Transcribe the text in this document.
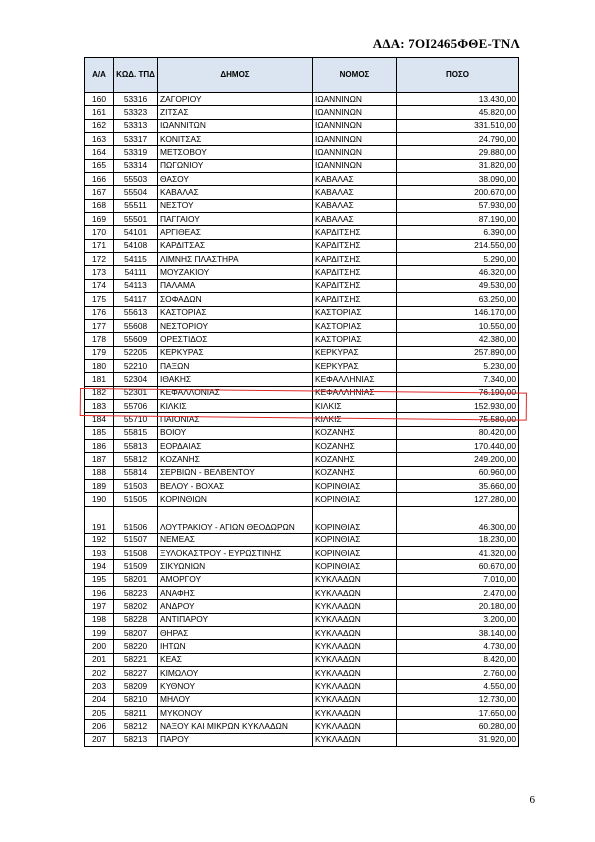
ΑΔΑ: 7ΟΙ2465ΦΘΕ-ΤΝΛ
Α/Α	ΚΩΔ. ΤΠΔ	ΔΗΜΟΣ	ΝΟΜΟΣ	ΠΟΣΟ
160	53316	ΖΑΓΟΡΙΟΥ	ΙΩΑΝΝΙΝΩΝ	13.430,00
161	53323	ΖΙΤΣΑΣ	ΙΩΑΝΝΙΝΩΝ	45.820,00
162	53313	ΙΩΑΝΝΙΤΩΝ	ΙΩΑΝΝΙΝΩΝ	331.510,00
163	53317	ΚΟΝΙΤΣΑΣ	ΙΩΑΝΝΙΝΩΝ	24.790,00
164	53319	ΜΕΤΣΟΒΟΥ	ΙΩΑΝΝΙΝΩΝ	29.880,00
165	53314	ΠΩΓΩΝΙΟΥ	ΙΩΑΝΝΙΝΩΝ	31.820,00
166	55503	ΘΑΣΟΥ	ΚΑΒΑΛΑΣ	38.090,00
167	55504	ΚΑΒΑΛΑΣ	ΚΑΒΑΛΑΣ	200.670,00
168	55511	ΝΕΣΤΟΥ	ΚΑΒΑΛΑΣ	57.930,00
169	55501	ΠΑΓΓΑΙΟΥ	ΚΑΒΑΛΑΣ	87.190,00
170	54101	ΑΡΓΙΘΕΑΣ	ΚΑΡΔΙΤΣΗΣ	6.390,00
171	54108	ΚΑΡΔΙΤΣΑΣ	ΚΑΡΔΙΤΣΗΣ	214.550,00
172	54115	ΛΙΜΝΗΣ ΠΛΑΣΤΗΡΑ	ΚΑΡΔΙΤΣΗΣ	5.290,00
173	54111	ΜΟΥΖΑΚΙΟΥ	ΚΑΡΔΙΤΣΗΣ	46.320,00
174	54113	ΠΑΛΑΜΑ	ΚΑΡΔΙΤΣΗΣ	49.530,00
175	54117	ΣΟΦΑΔΩΝ	ΚΑΡΔΙΤΣΗΣ	63.250,00
176	55613	ΚΑΣΤΟΡΙΑΣ	ΚΑΣΤΟΡΙΑΣ	146.170,00
177	55608	ΝΕΣΤΟΡΙΟΥ	ΚΑΣΤΟΡΙΑΣ	10.550,00
178	55609	ΟΡΕΣΤΙΔΟΣ	ΚΑΣΤΟΡΙΑΣ	42.380,00
179	52205	ΚΕΡΚΥΡΑΣ	ΚΕΡΚΥΡΑΣ	257.890,00
180	52210	ΠΑΞΩΝ	ΚΕΡΚΥΡΑΣ	5.230,00
181	52304	ΙΘΑΚΗΣ	ΚΕΦΑΛΛΗΝΙΑΣ	7.340,00
182	52301	ΚΕΦΑΛΛΟΝΙΑΣ	ΚΕΦΑΛΛΗΝΙΑΣ	76.190,00
183	55706	ΚΙΛΚΙΣ	ΚΙΛΚΙΣ	152.930,00
184	55710	ΠΑΙΟΝΙΑΣ	ΚΙΛΚΙΣ	75.580,00
185	55815	ΒΟΙΟΥ	ΚΟΖΑΝΗΣ	80.420,00
186	55813	ΕΟΡΔΑΙΑΣ	ΚΟΖΑΝΗΣ	170.440,00
187	55812	ΚΟΖΑΝΗΣ	ΚΟΖΑΝΗΣ	249.200,00
188	55814	ΣΕΡΒΙΩΝ - ΒΕΛΒΕΝΤΟΥ	ΚΟΖΑΝΗΣ	60.960,00
189	51503	ΒΕΛΟΥ - ΒΟΧΑΣ	ΚΟΡΙΝΘΙΑΣ	35.660,00
190	51505	ΚΟΡΙΝΘΙΩΝ	ΚΟΡΙΝΘΙΑΣ	127.280,00
191	51506	ΛΟΥΤΡΑΚΙΟΥ - ΑΓΙΩΝ ΘΕΟΔΩΡΩΝ	ΚΟΡΙΝΘΙΑΣ	46.300,00
192	51507	ΝΕΜΕΑΣ	ΚΟΡΙΝΘΙΑΣ	18.230,00
193	51508	ΞΥΛΟΚΑΣΤΡΟΥ - ΕΥΡΩΣΤΙΝΗΣ	ΚΟΡΙΝΘΙΑΣ	41.320,00
194	51509	ΣΙΚΥΩΝΙΩΝ	ΚΟΡΙΝΘΙΑΣ	60.670,00
195	58201	ΑΜΟΡΓΟΥ	ΚΥΚΛΑΔΩΝ	7.010,00
196	58223	ΑΝΑΦΗΣ	ΚΥΚΛΑΔΩΝ	2.470,00
197	58202	ΑΝΔΡΟΥ	ΚΥΚΛΑΔΩΝ	20.180,00
198	58228	ΑΝΤΙΠΑΡΟΥ	ΚΥΚΛΑΔΩΝ	3.200,00
199	58207	ΘΗΡΑΣ	ΚΥΚΛΑΔΩΝ	38.140,00
200	58220	ΙΗΤΩΝ	ΚΥΚΛΑΔΩΝ	4.730,00
201	58221	ΚΕΑΣ	ΚΥΚΛΑΔΩΝ	8.420,00
202	58227	ΚΙΜΩΛΟΥ	ΚΥΚΛΑΔΩΝ	2.760,00
203	58209	ΚΥΘΝΟΥ	ΚΥΚΛΑΔΩΝ	4.550,00
204	58210	ΜΗΛΟΥ	ΚΥΚΛΑΔΩΝ	12.730,00
205	58211	ΜΥΚΟΝΟΥ	ΚΥΚΛΑΔΩΝ	17.650,00
206	58212	ΝΑΞΟΥ ΚΑΙ ΜΙΚΡΩΝ ΚΥΚΛΑΔΩΝ	ΚΥΚΛΑΔΩΝ	60.280,00
207	58213	ΠΑΡΟΥ	ΚΥΚΛΑΔΩΝ	31.920,00
6
